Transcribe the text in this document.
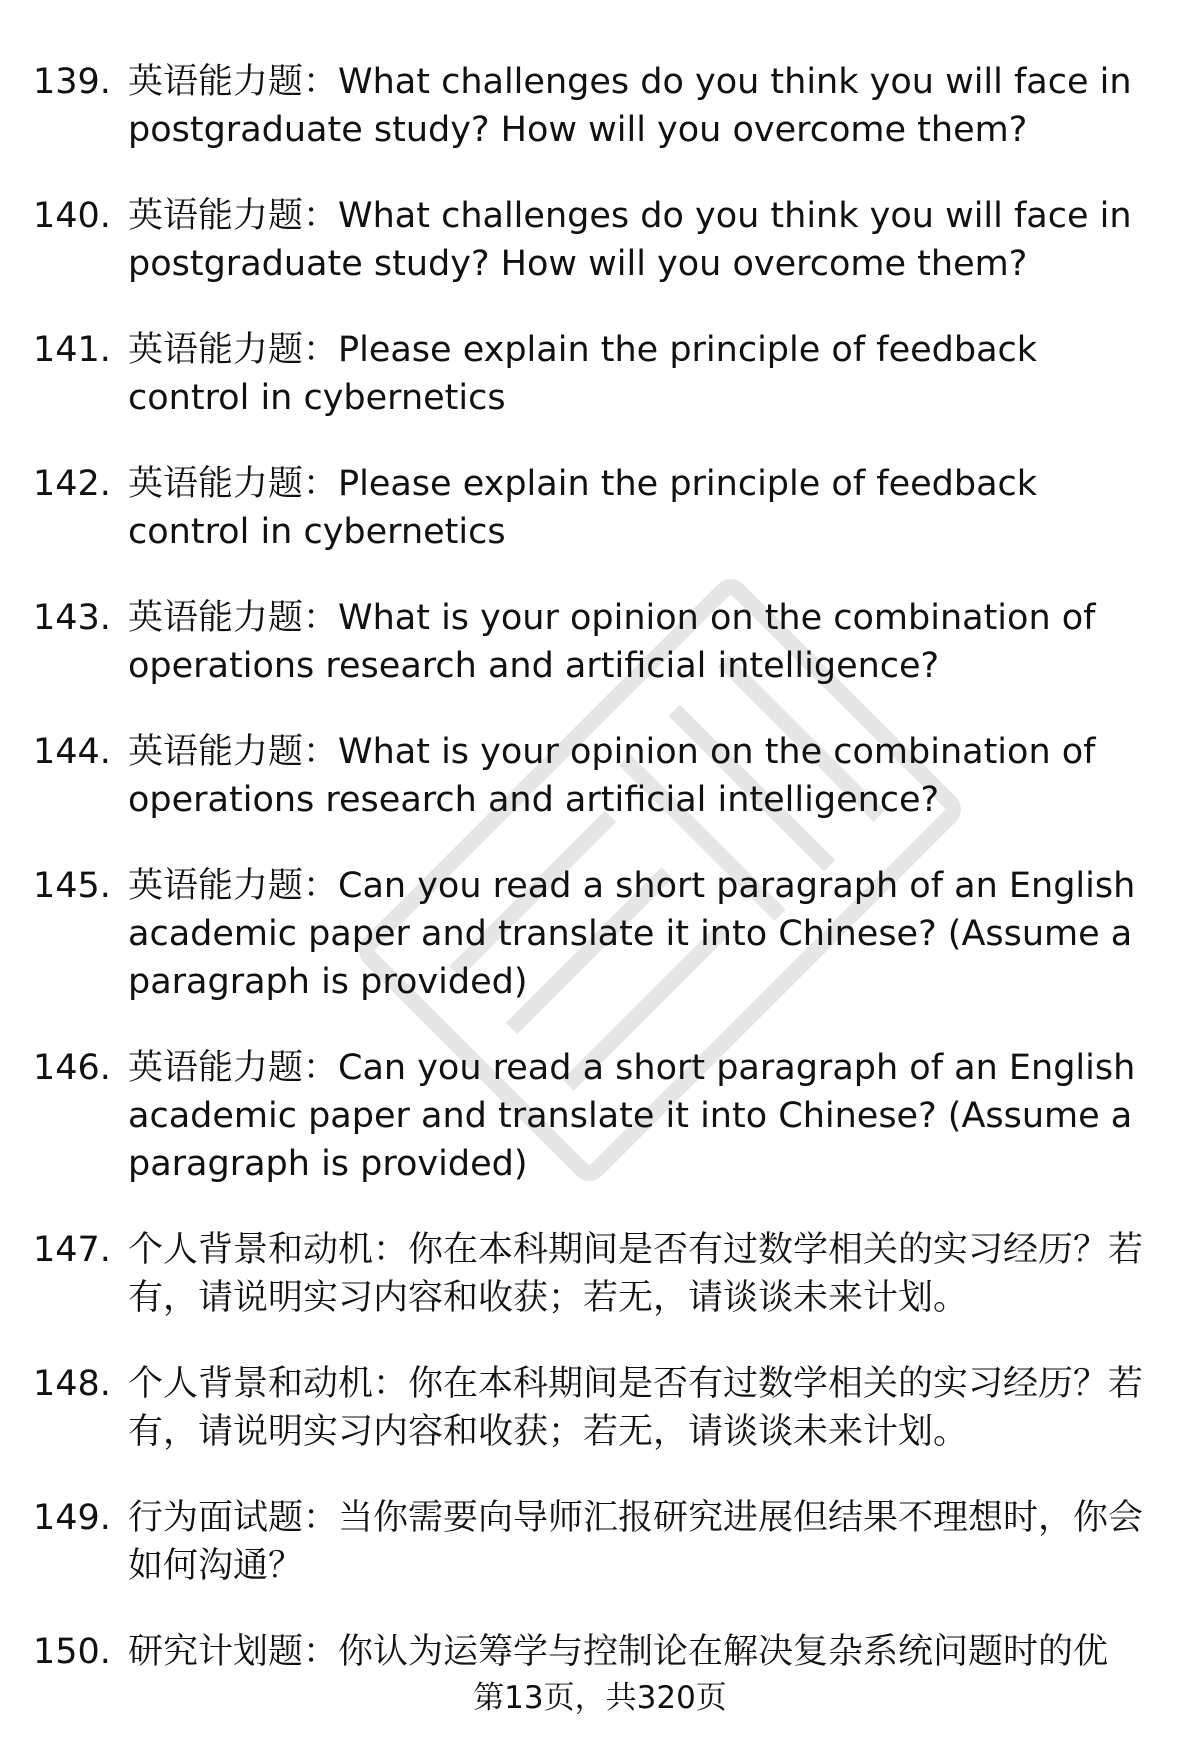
139. 英语能力题：What challenges do you think you will face in postgraduate study? How will you overcome them?
140. 英语能力题：What challenges do you think you will face in postgraduate study? How will you overcome them?
141. 英语能力题：Please explain the principle of feedback control in cybernetics
142. 英语能力题：Please explain the principle of feedback control in cybernetics
143. 英语能力题：What is your opinion on the combination of operations research and artificial intelligence?
144. 英语能力题：What is your opinion on the combination of operations research and artificial intelligence?
145. 英语能力题：Can you read a short paragraph of an English academic paper and translate it into Chinese? (Assume a paragraph is provided)
146. 英语能力题：Can you read a short paragraph of an English academic paper and translate it into Chinese? (Assume a paragraph is provided)
147. 个人背景和动机：你在本科期间是否有过数学相关的实习经历？若有，请说明实习内容和收获；若无，请谈谈未来计划。
148. 个人背景和动机：你在本科期间是否有过数学相关的实习经历？若有，请说明实习内容和收获；若无，请谈谈未来计划。
149. 行为面试题：当你需要向导师汇报研究进展但结果不理想时，你会如何沟通？
150. 研究计划题：你认为运筹学与控制论在解决复杂系统问题时的优
第13页，共320页
